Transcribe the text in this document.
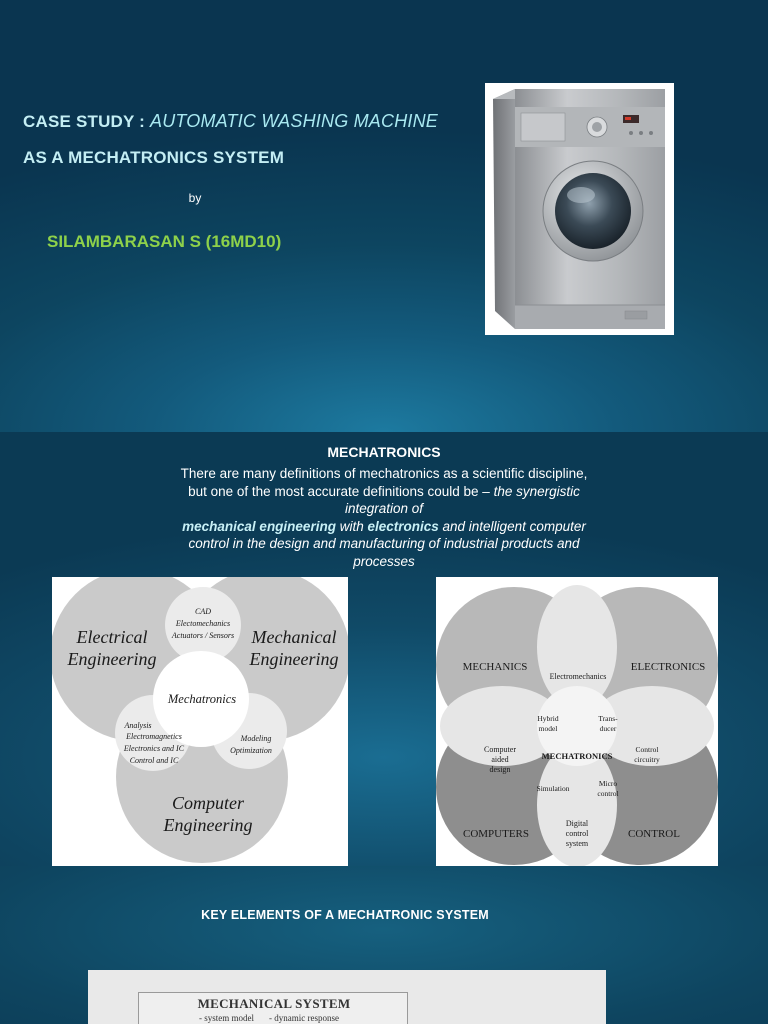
CASE STUDY : AUTOMATIC WASHING MACHINE
AS A MECHATRONICS SYSTEM
by
SILAMBARASAN S (16MD10)
MECHATRONICS
There are many definitions of mechatronics as a scientific discipline, but one of the most accurate definitions could be – the synergistic integration of
mechanical engineering with electronics and intelligent computer control in the design and manufacturing of industrial products and processes
Electrical
Engineering
Mechanical
Engineering
Computer
Engineering
Mechatronics
CAD
Electomechanics
Actuators / Sensors
Analysis
Electromagnetics
Electronics and IC
Control and IC
Modeling
Optimization
MECHANICS	ELECTRONICS
COMPUTERS	CONTROL
Electromechanics
Hybrid
model
Trans-
ducer
Computer
aided
design
MECHATRONICS
Control
circuitry
Simulation
Micro
control
Digital
control
system
KEY ELEMENTS OF A MECHATRONIC SYSTEM
MECHANICAL SYSTEM
- system model - dynamic response
